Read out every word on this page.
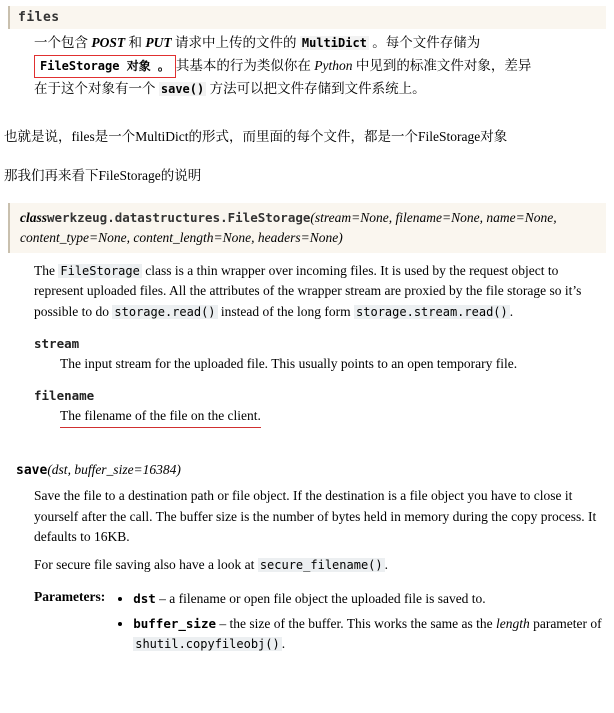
files
一个包含 POST 和 PUT 请求中上传的文件的 MultiDict 。每个文件存储为
FileStorage 对象 。 其基本的行为类似你在 Python 中见到的标准文件对象，差异
在于这个对象有一个 save() 方法可以把文件存储到文件系统上。
也就是说，files是一个MultiDict的形式，而里面的每个文件，都是一个FileStorage对象
那我们再来看下FileStorage的说明
classwerkzeug.datastructures.FileStorage(stream=None, filename=None, name=None,
content_type=None, content_length=None, headers=None)
The FileStorage class is a thin wrapper over incoming files. It is used by the request object to represent uploaded files. All the attributes of the wrapper stream are proxied by the file storage so it’s possible to do storage.read() instead of the long form storage.stream.read() .
stream
The input stream for the uploaded file. This usually points to an open temporary file.
filename
The filename of the file on the client.
save(dst, buffer_size=16384)
Save the file to a destination path or file object. If the destination is a file object you have to close it yourself after the call. The buffer size is the number of bytes held in memory during the copy process. It defaults to 16KB.
For secure file saving also have a look at secure_filename() .
Parameters: • dst – a filename or open file object the uploaded file is saved to.
• buffer_size – the size of the buffer. This works the same as the length parameter of shutil.copyfileobj() .
